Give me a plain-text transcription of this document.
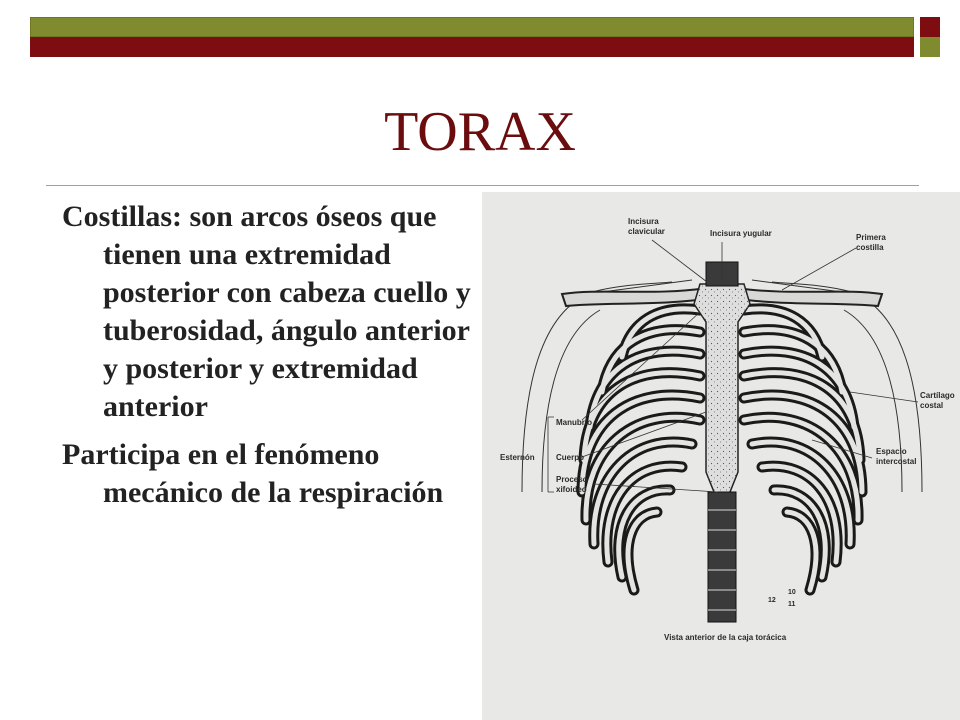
TORAX
Costillas: son arcos óseos que tienen una extremidad posterior con cabeza cuello y tuberosidad, ángulo anterior y posterior y extremidad anterior
Participa en el fenómeno mecánico de la respiración
Incisura
clavicular	Incisura yugular	Primera
costilla
Cartílago
costal
Espacio
intercostal
Manubrio
Esternón	Cuerpo
Proceso
xifoideo
10
12
11
Vista anterior de la caja torácica
